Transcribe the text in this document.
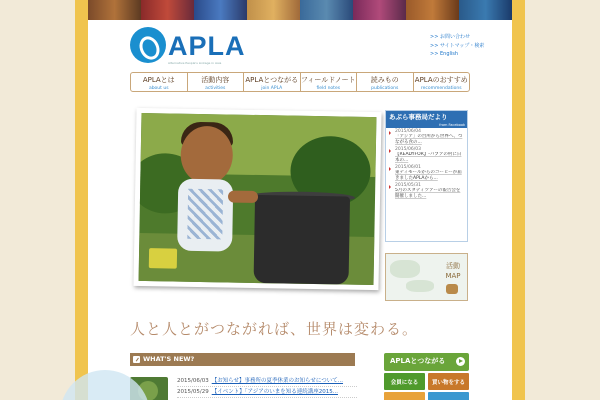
APLA
Alternative People's Linkage in Asia
>> お問い合わせ
>> サイトマップ・検索
>> English
APLAとは
about us
活動内容
activities
APLAとつながる
join APLA
フィールドノート
field notes
読みもの
publications
APLAのおすすめ
recommendations
あぷら事務局だより
from Facebook
2015/06/04
「アジア」の台所から世界へ、つながる食の...
2015/06/03
【READYFOR】-パプアの村に日本の...
2015/06/01
東ティモールからのコーヒーが届きましたAPLAから...
2015/05/31
5月のスタディツアーの報告会を開催しました...
活動MAP
人と人とがつながれば、世界は変わる。
WHAT'S NEW?
2015/06/03 【お知らせ】事務所の夏季休業のお知らせについて...
2015/05/29 【イベント】「アジアのいまを知る連続講座2015...
APLAとつながる
会員になる	買い物をする
